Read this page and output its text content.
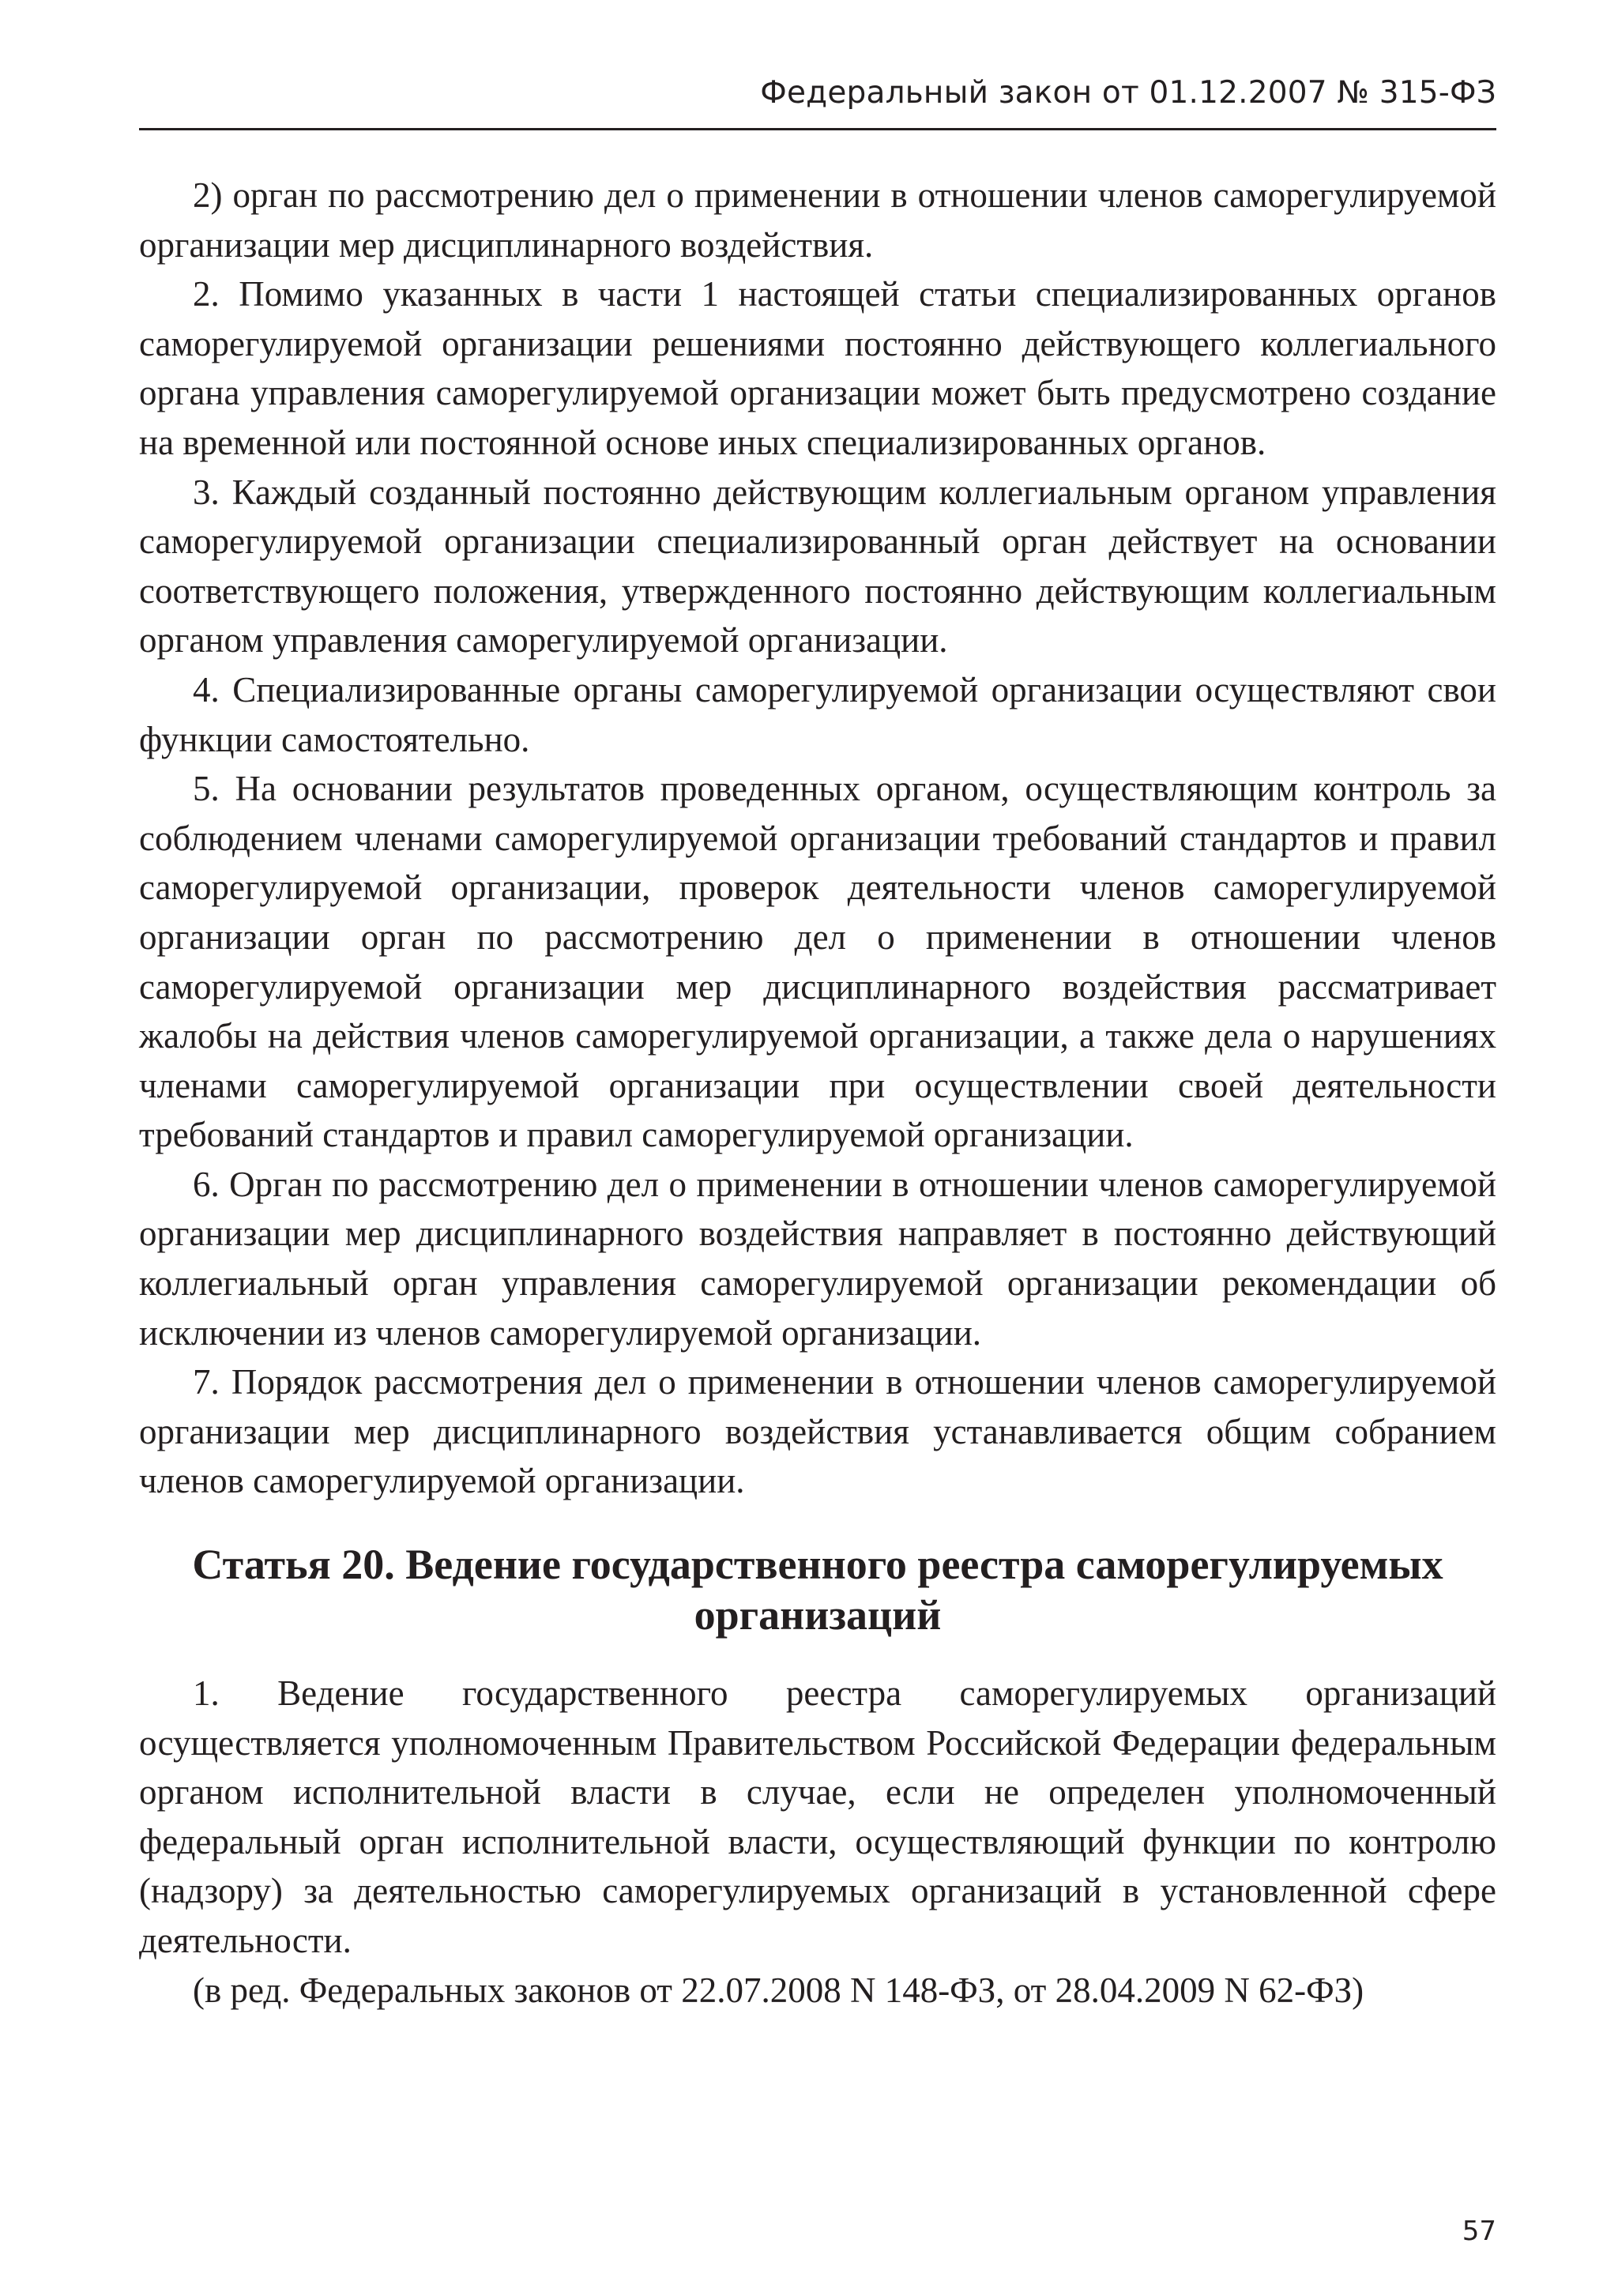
Федеральный закон от 01.12.2007 № 315-ФЗ

2) орган по рассмотрению дел о применении в отношении членов саморегулируемой организации мер дисциплинарного воздействия.

2. Помимо указанных в части 1 настоящей статьи специализированных органов саморегулируемой организации решениями постоянно действующего коллегиального органа управления саморегулируемой организации может быть предусмотрено создание на временной или постоянной основе иных специализированных органов.

3. Каждый созданный постоянно действующим коллегиальным органом управления саморегулируемой организации специализированный орган действует на основании соответствующего положения, утвержденного постоянно действующим коллегиальным органом управления саморегулируемой организации.

4. Специализированные органы саморегулируемой организации осуществляют свои функции самостоятельно.

5. На основании результатов проведенных органом, осуществляющим контроль за соблюдением членами саморегулируемой организации требований стандартов и правил саморегулируемой организации, проверок деятельности членов саморегулируемой организации орган по рассмотрению дел о применении в отношении членов саморегулируемой организации мер дисциплинарного воздействия рассматривает жалобы на действия членов саморегулируемой организации, а также дела о нарушениях членами саморегулируемой организации при осуществлении своей деятельности требований стандартов и правил саморегулируемой организации.

6. Орган по рассмотрению дел о применении в отношении членов саморегулируемой организации мер дисциплинарного воздействия направляет в постоянно действующий коллегиальный орган управления саморегулируемой организации рекомендации об исключении из членов саморегулируемой организации.

7. Порядок рассмотрения дел о применении в отношении членов саморегулируемой организации мер дисциплинарного воздействия устанавливается общим собранием членов саморегулируемой организации.

Статья 20. Ведение государственного реестра саморегулируемых
организаций

1. Ведение государственного реестра саморегулируемых организаций осуществляется уполномоченным Правительством Российской Федерации федеральным органом исполнительной власти в случае, если не определен уполномоченный федеральный орган исполнительной власти, осуществляющий функции по контролю (надзору) за деятельностью саморегулируемых организаций в установленной сфере деятельности.

(в ред. Федеральных законов от 22.07.2008 N 148-ФЗ, от 28.04.2009 N 62-ФЗ)

57
